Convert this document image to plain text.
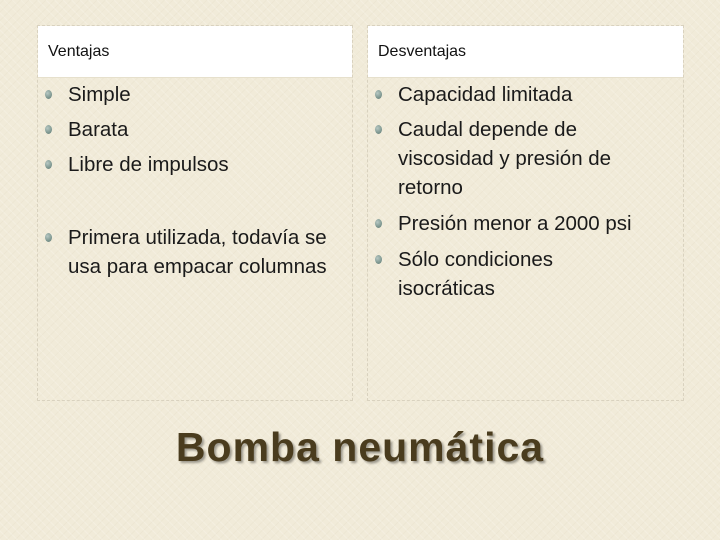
Ventajas
Simple
Barata
Libre de impulsos
Primera utilizada, todavía se usa para empacar columnas
Desventajas
Capacidad limitada
Caudal depende de viscosidad y presión de retorno
Presión menor a 2000 psi
Sólo condiciones isocráticas
Bomba neumática
